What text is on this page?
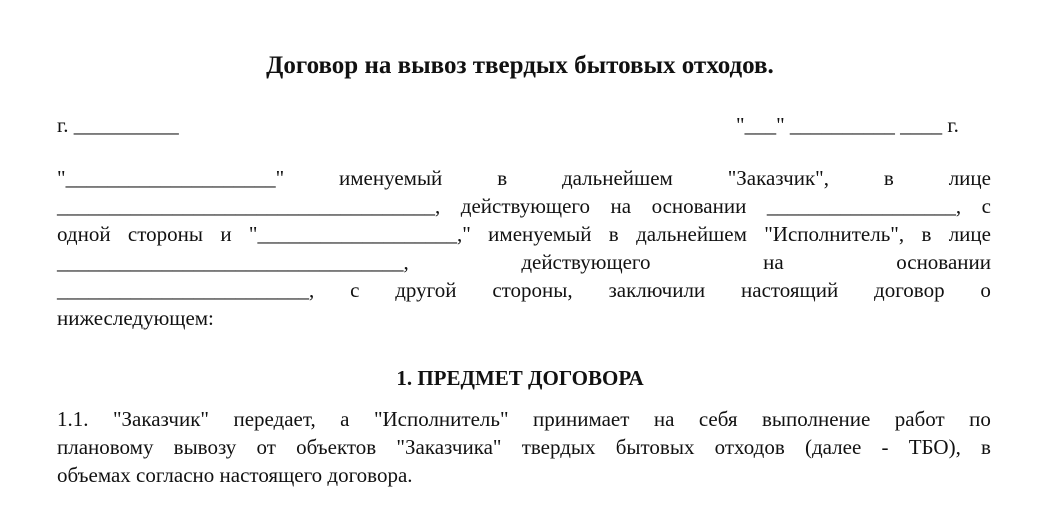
Договор на вывоз твердых бытовых отходов.
г. __________	"___" __________ ____ г.
"____________________"	именуемый	в	дальнейшем	"Заказчик",	в	лице
____________________________________, действующего на основании __________________, с
одной стороны и "___________________," именуемый в дальнейшем "Исполнитель", в лице
_________________________________,	действующего	на	основании
________________________, с другой стороны, заключили настоящий договор о
нижеследующем:
1. ПРЕДМЕТ ДОГОВОРА
1.1. "Заказчик" передает, а "Исполнитель" принимает на себя выполнение работ по
плановому вывозу от объектов "Заказчика" твердых бытовых отходов (далее - ТБО), в
объемах согласно настоящего договора.
